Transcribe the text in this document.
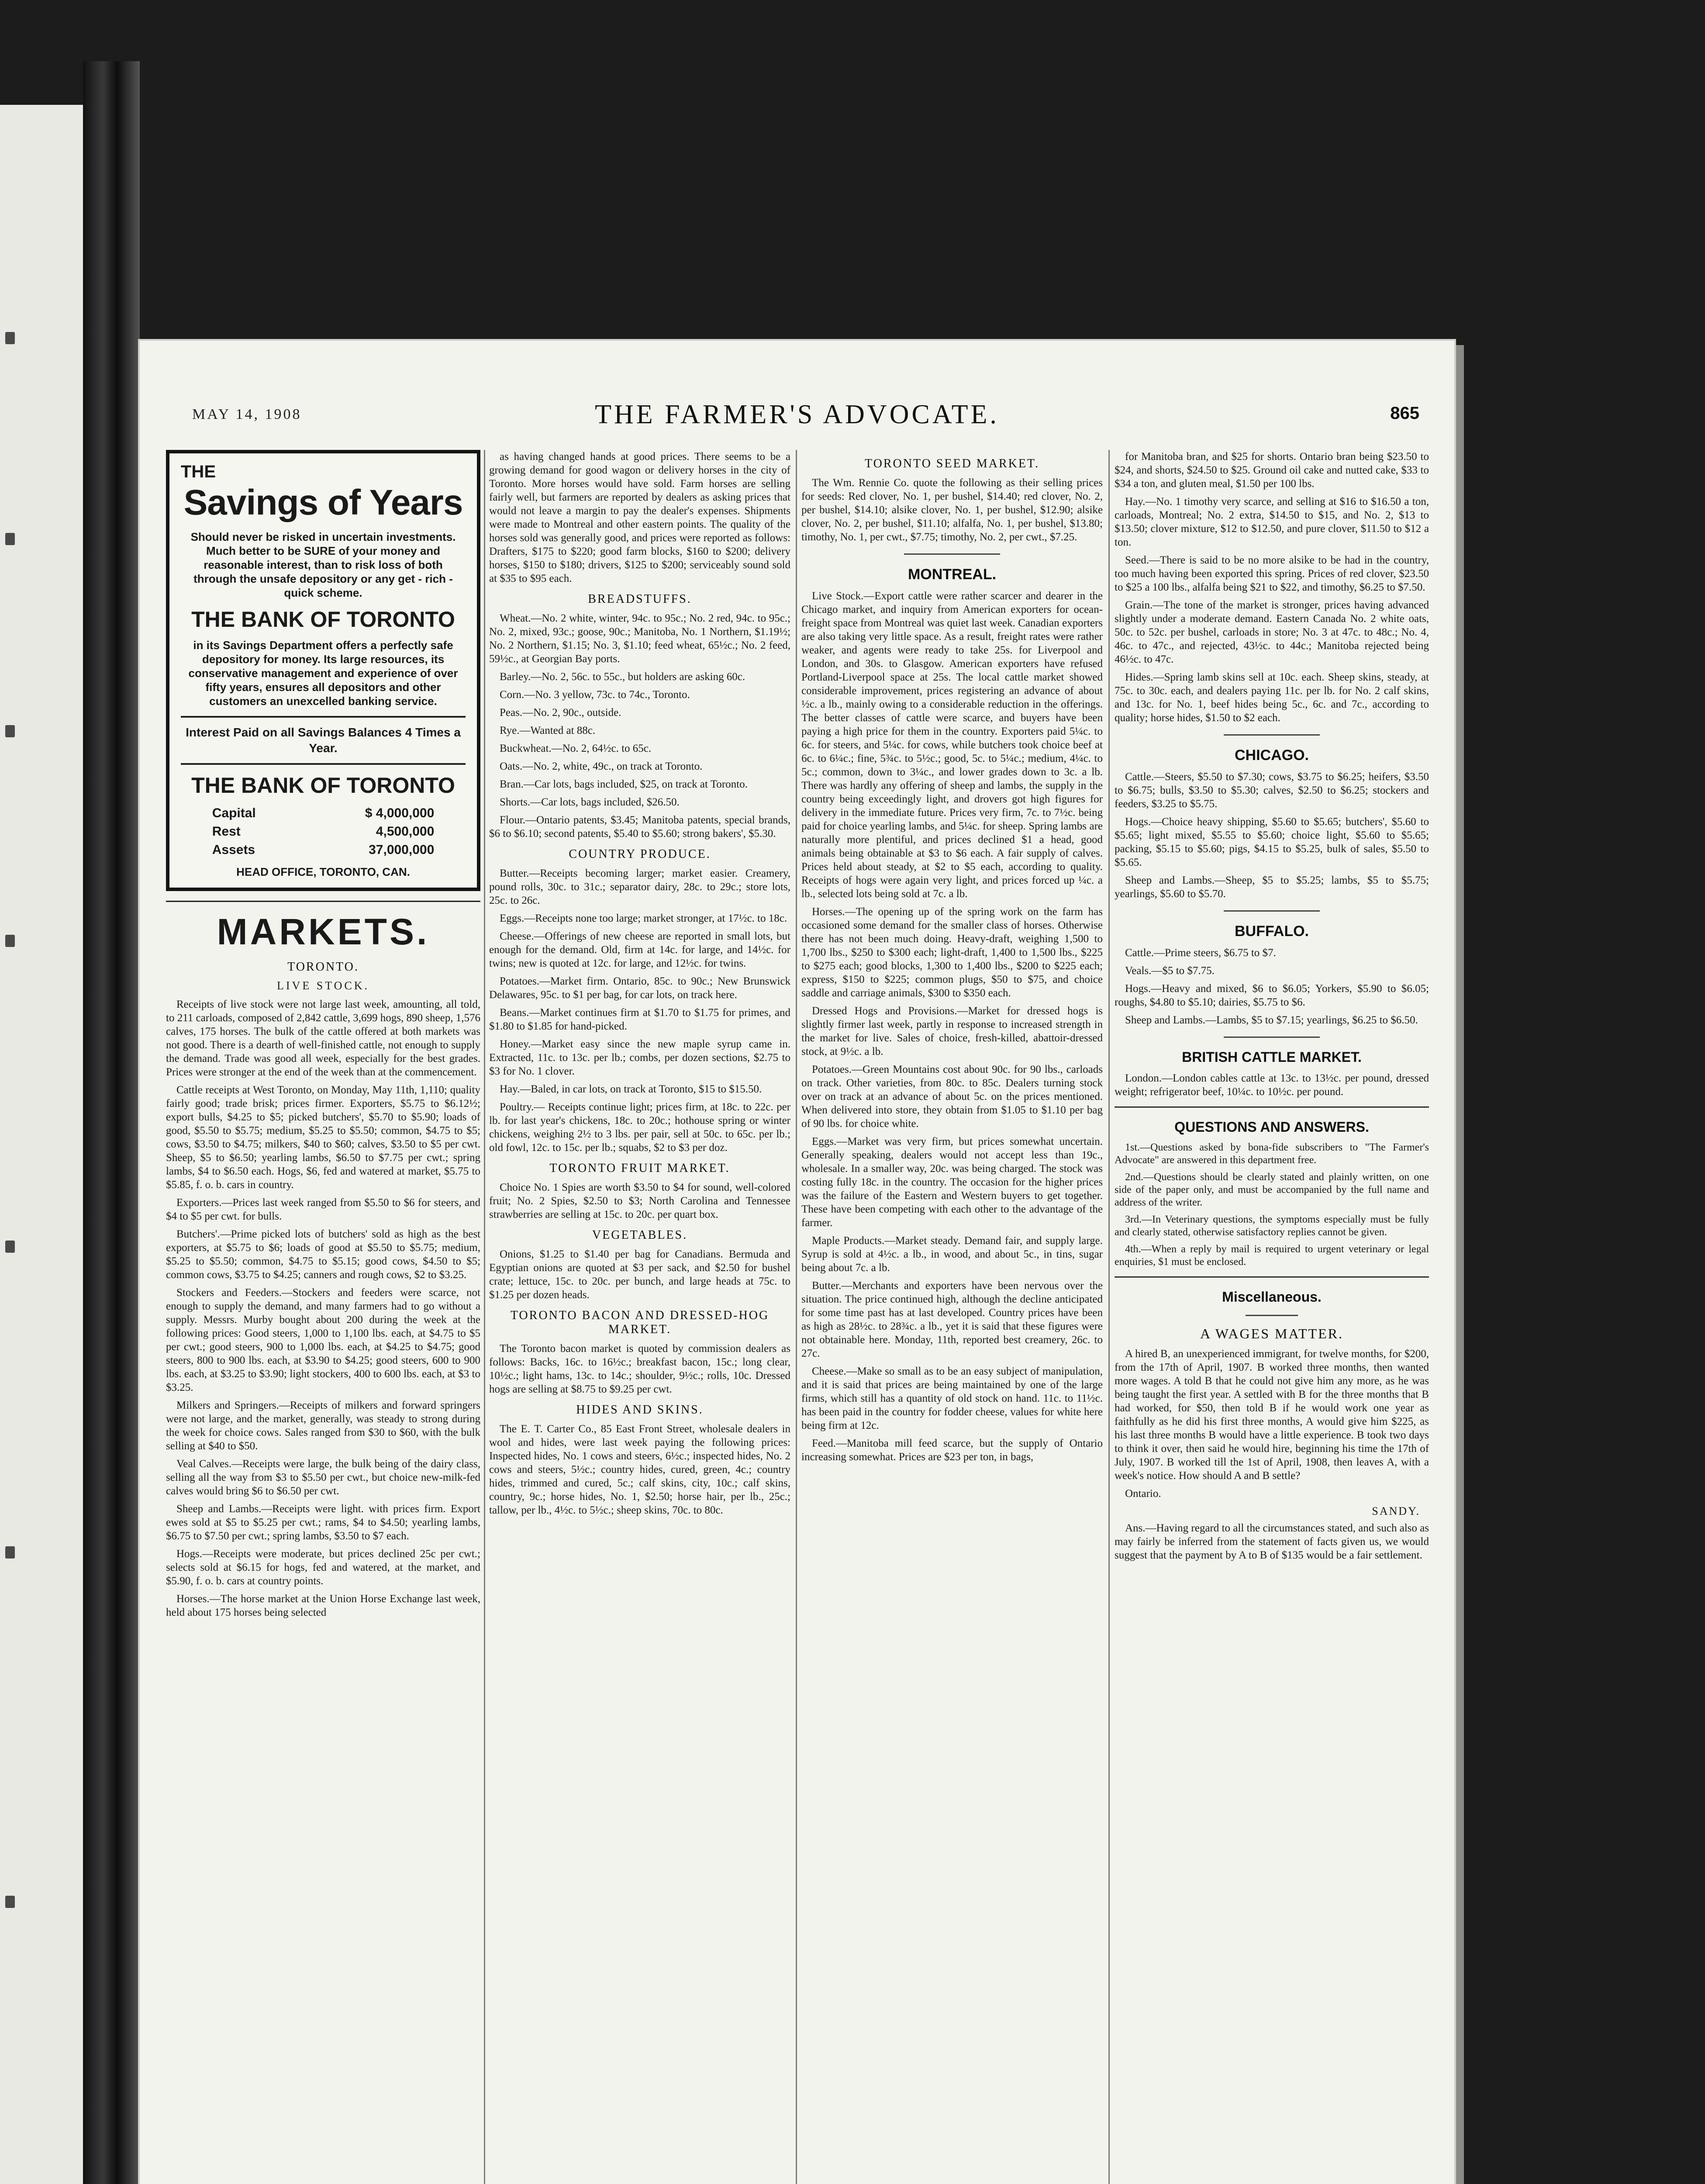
MAY 14, 1908	THE FARMER'S ADVOCATE.	865
THE
Savings of Years
Should never be risked in uncertain investments. Much better to be SURE of your money and reasonable interest, than to risk loss of both through the unsafe depository or any get - rich - quick scheme.
THE BANK OF TORONTO
in its Savings Department offers a perfectly safe depository for money. Its large resources, its conservative management and experience of over fifty years, ensures all depositors and other customers an unexcelled banking service.
Interest Paid on all Savings Balances 4 Times a Year.
THE BANK OF TORONTO
Capital	$ 4,000,000
Rest	4,500,000
Assets	37,000,000
HEAD OFFICE, TORONTO, CAN.
MARKETS.
TORONTO.
LIVE STOCK.

Receipts of live stock were not large last week, amounting, all told, to 211 carloads, composed of 2,842 cattle, 3,699 hogs, 890 sheep, 1,576 calves, 175 horses. The bulk of the cattle offered at both markets was not good. There is a dearth of well-finished cattle, not enough to supply the demand. Trade was good all week, especially for the best grades. Prices were stronger at the end of the week than at the commencement.

Cattle receipts at West Toronto, on Monday, May 11th, 1,110; quality fairly good; trade brisk; prices firmer. Exporters, $5.75 to $6.12½; export bulls, $4.25 to $5; picked butchers', $5.70 to $5.90; loads of good, $5.50 to $5.75; medium, $5.25 to $5.50; common, $4.75 to $5; cows, $3.50 to $4.75; milkers, $40 to $60; calves, $3.50 to $5 per cwt. Sheep, $5 to $6.50; yearling lambs, $6.50 to $7.75 per cwt.; spring lambs, $4 to $6.50 each. Hogs, $6, fed and watered at market, $5.75 to $5.85, f. o. b. cars in country.

Exporters.—Prices last week ranged from $5.50 to $6 for steers, and $4 to $5 per cwt. for bulls.

Butchers'.—Prime picked lots of butchers' sold as high as the best exporters, at $5.75 to $6; loads of good at $5.50 to $5.75; medium, $5.25 to $5.50; common, $4.75 to $5.15; good cows, $4.50 to $5; common cows, $3.75 to $4.25; canners and rough cows, $2 to $3.25.

Stockers and Feeders.—Stockers and feeders were scarce, not enough to supply the demand, and many farmers had to go without a supply. Messrs. Murby bought about 200 during the week at the following prices: Good steers, 1,000 to 1,100 lbs. each, at $4.75 to $5 per cwt.; good steers, 900 to 1,000 lbs. each, at $4.25 to $4.75; good steers, 800 to 900 lbs. each, at $3.90 to $4.25; good steers, 600 to 900 lbs. each, at $3.25 to $3.90; light stockers, 400 to 600 lbs. each, at $3 to $3.25.

Milkers and Springers.—Receipts of milkers and forward springers were not large, and the market, generally, was steady to strong during the week for choice cows. Sales ranged from $30 to $60, with the bulk selling at $40 to $50.

Veal Calves.—Receipts were large, the bulk being of the dairy class, selling all the way from $3 to $5.50 per cwt., but choice new-milk-fed calves would bring $6 to $6.50 per cwt.

Sheep and Lambs.—Receipts were light. with prices firm. Export ewes sold at $5 to $5.25 per cwt.; rams, $4 to $4.50; yearling lambs, $6.75 to $7.50 per cwt.; spring lambs, $3.50 to $7 each.

Hogs.—Receipts were moderate, but prices declined 25c per cwt.; selects sold at $6.15 for hogs, fed and watered, at the market, and $5.90, f. o. b. cars at country points.

Horses.—The horse market at the Union Horse Exchange last week, held about 175 horses being selected

as having changed hands at good prices. There seems to be a growing demand for good wagon or delivery horses in the city of Toronto. More horses would have sold. Farm horses are selling fairly well, but farmers are reported by dealers as asking prices that would not leave a margin to pay the dealer's expenses. Shipments were made to Montreal and other eastern points. The quality of the horses sold was generally good, and prices were reported as follows: Drafters, $175 to $220; good farm blocks, $160 to $200; delivery horses, $150 to $180; drivers, $125 to $200; serviceably sound sold at $35 to $95 each.

BREADSTUFFS.

Wheat.—No. 2 white, winter, 94c. to 95c.; No. 2 red, 94c. to 95c.; No. 2, mixed, 93c.; goose, 90c.; Manitoba, No. 1 Northern, $1.19½; No. 2 Northern, $1.15; No. 3, $1.10; feed wheat, 65½c.; No. 2 feed, 59½c., at Georgian Bay ports.

Barley.—No. 2, 56c. to 55c., but holders are asking 60c.

Corn.—No. 3 yellow, 73c. to 74c., Toronto.

Peas.—No. 2, 90c., outside.

Rye.—Wanted at 88c.

Buckwheat.—No. 2, 64½c. to 65c.

Oats.—No. 2, white, 49c., on track at Toronto.

Bran.—Car lots, bags included, $25, on track at Toronto.

Shorts.—Car lots, bags included, $26.50.

Flour.—Ontario patents, $3.45; Manitoba patents, special brands, $6 to $6.10; second patents, $5.40 to $5.60; strong bakers', $5.30.

COUNTRY PRODUCE.

Butter.—Receipts becoming larger; market easier. Creamery, pound rolls, 30c. to 31c.; separator dairy, 28c. to 29c.; store lots, 25c. to 26c.

Eggs.—Receipts none too large; market stronger, at 17½c. to 18c.

Cheese.—Offerings of new cheese are reported in small lots, but enough for the demand. Old, firm at 14c. for large, and 14½c. for twins; new is quoted at 12c. for large, and 12½c. for twins.

Potatoes.—Market firm. Ontario, 85c. to 90c.; New Brunswick Delawares, 95c. to $1 per bag, for car lots, on track here.

Beans.—Market continues firm at $1.70 to $1.75 for primes, and $1.80 to $1.85 for hand-picked.

Honey.—Market easy since the new maple syrup came in. Extracted, 11c. to 13c. per lb.; combs, per dozen sections, $2.75 to $3 for No. 1 clover.

Hay.—Baled, in car lots, on track at Toronto, $15 to $15.50.

Poultry.— Receipts continue light; prices firm, at 18c. to 22c. per lb. for last year's chickens, 18c. to 20c.; hothouse spring or winter chickens, weighing 2½ to 3 lbs. per pair, sell at 50c. to 65c. per lb.; old fowl, 12c. to 15c. per lb.; squabs, $2 to $3 per doz.

TORONTO FRUIT MARKET.

Choice No. 1 Spies are worth $3.50 to $4 for sound, well-colored fruit; No. 2 Spies, $2.50 to $3; North Carolina and Tennessee strawberries are selling at 15c. to 20c. per quart box.

VEGETABLES.

Onions, $1.25 to $1.40 per bag for Canadians. Bermuda and Egyptian onions are quoted at $3 per sack, and $2.50 for bushel crate; lettuce, 15c. to 20c. per bunch, and large heads at 75c. to $1.25 per dozen heads.

TORONTO BACON AND DRESSED-HOG MARKET.

The Toronto bacon market is quoted by commission dealers as follows: Backs, 16c. to 16½c.; breakfast bacon, 15c.; long clear, 10½c.; light hams, 13c. to 14c.; shoulder, 9½c.; rolls, 10c. Dressed hogs are selling at $8.75 to $9.25 per cwt.

HIDES AND SKINS.

The E. T. Carter Co., 85 East Front Street, wholesale dealers in wool and hides, were last week paying the following prices: Inspected hides, No. 1 cows and steers, 6½c.; inspected hides, No. 2 cows and steers, 5½c.; country hides, cured, green, 4c.; country hides, trimmed and cured, 5c.; calf skins, city, 10c.; calf skins, country, 9c.; horse hides, No. 1, $2.50; horse hair, per lb., 25c.; tallow, per lb., 4½c. to 5½c.; sheep skins, 70c. to 80c.

TORONTO SEED MARKET.

The Wm. Rennie Co. quote the following as their selling prices for seeds: Red clover, No. 1, per bushel, $14.40; red clover, No. 2, per bushel, $14.10; alsike clover, No. 1, per bushel, $12.90; alsike clover, No. 2, per bushel, $11.10; alfalfa, No. 1, per bushel, $13.80; timothy, No. 1, per cwt., $7.75; timothy, No. 2, per cwt., $7.25.

MONTREAL.

Live Stock.—Export cattle were rather scarcer and dearer in the Chicago market, and inquiry from American exporters for ocean-freight space from Montreal was quiet last week. Canadian exporters are also taking very little space. As a result, freight rates were rather weaker, and agents were ready to take 25s. for Liverpool and London, and 30s. to Glasgow. American exporters have refused Portland-Liverpool space at 25s. The local cattle market showed considerable improvement, prices registering an advance of about ½c. a lb., mainly owing to a considerable reduction in the offerings. The better classes of cattle were scarce, and buyers have been paying a high price for them in the country. Exporters paid 5¼c. to 6c. for steers, and 5¼c. for cows, while butchers took choice beef at 6c. to 6¼c.; fine, 5¾c. to 5½c.; good, 5c. to 5¼c.; medium, 4¼c. to 5c.; common, down to 3¼c., and lower grades down to 3c. a lb. There was hardly any offering of sheep and lambs, the supply in the country being exceedingly light, and drovers got high figures for delivery in the immediate future. Prices very firm, 7c. to 7½c. being paid for choice yearling lambs, and 5¼c. for sheep. Spring lambs are naturally more plentiful, and prices declined $1 a head, good animals being obtainable at $3 to $6 each. A fair supply of calves. Prices held about steady, at $2 to $5 each, according to quality. Receipts of hogs were again very light, and prices forced up ¼c. a lb., selected lots being sold at 7c. a lb.

Horses.—The opening up of the spring work on the farm has occasioned some demand for the smaller class of horses. Otherwise there has not been much doing. Heavy-draft, weighing 1,500 to 1,700 lbs., $250 to $300 each; light-draft, 1,400 to 1,500 lbs., $225 to $275 each; good blocks, 1,300 to 1,400 lbs., $200 to $225 each; express, $150 to $225; common plugs, $50 to $75, and choice saddle and carriage animals, $300 to $350 each.

Dressed Hogs and Provisions.—Market for dressed hogs is slightly firmer last week, partly in response to increased strength in the market for live. Sales of choice, fresh-killed, abattoir-dressed stock, at 9½c. a lb.

Potatoes.—Green Mountains cost about 90c. for 90 lbs., carloads on track. Other varieties, from 80c. to 85c. Dealers turning stock over on track at an advance of about 5c. on the prices mentioned. When delivered into store, they obtain from $1.05 to $1.10 per bag of 90 lbs. for choice white.

Eggs.—Market was very firm, but prices somewhat uncertain. Generally speaking, dealers would not accept less than 19c., wholesale. In a smaller way, 20c. was being charged. The stock was costing fully 18c. in the country. The occasion for the higher prices was the failure of the Eastern and Western buyers to get together. These have been competing with each other to the advantage of the farmer.

Maple Products.—Market steady. Demand fair, and supply large. Syrup is sold at 4½c. a lb., in wood, and about 5c., in tins, sugar being about 7c. a lb.

Butter.—Merchants and exporters have been nervous over the situation. The price continued high, although the decline anticipated for some time past has at last developed. Country prices have been as high as 28½c. to 28¾c. a lb., yet it is said that these figures were not obtainable here. Monday, 11th, reported best creamery, 26c. to 27c.

Cheese.—Make so small as to be an easy subject of manipulation, and it is said that prices are being maintained by one of the large firms, which still has a quantity of old stock on hand. 11c. to 11½c. has been paid in the country for fodder cheese, values for white here being firm at 12c.

Feed.—Manitoba mill feed scarce, but the supply of Ontario increasing somewhat. Prices are $23 per ton, in bags,

for Manitoba bran, and $25 for shorts. Ontario bran being $23.50 to $24, and shorts, $24.50 to $25. Ground oil cake and nutted cake, $33 to $34 a ton, and gluten meal, $1.50 per 100 lbs.

Hay.—No. 1 timothy very scarce, and selling at $16 to $16.50 a ton, carloads, Montreal; No. 2 extra, $14.50 to $15, and No. 2, $13 to $13.50; clover mixture, $12 to $12.50, and pure clover, $11.50 to $12 a ton.

Seed.—There is said to be no more alsike to be had in the country, too much having been exported this spring. Prices of red clover, $23.50 to $25 a 100 lbs., alfalfa being $21 to $22, and timothy, $6.25 to $7.50.

Grain.—The tone of the market is stronger, prices having advanced slightly under a moderate demand. Eastern Canada No. 2 white oats, 50c. to 52c. per bushel, carloads in store; No. 3 at 47c. to 48c.; No. 4, 46c. to 47c., and rejected, 43½c. to 44c.; Manitoba rejected being 46½c. to 47c.

Hides.—Spring lamb skins sell at 10c. each. Sheep skins, steady, at 75c. to 30c. each, and dealers paying 11c. per lb. for No. 2 calf skins, and 13c. for No. 1, beef hides being 5c., 6c. and 7c., according to quality; horse hides, $1.50 to $2 each.

CHICAGO.

Cattle.—Steers, $5.50 to $7.30; cows, $3.75 to $6.25; heifers, $3.50 to $6.75; bulls, $3.50 to $5.30; calves, $2.50 to $6.25; stockers and feeders, $3.25 to $5.75.

Hogs.—Choice heavy shipping, $5.60 to $5.65; butchers', $5.60 to $5.65; light mixed, $5.55 to $5.60; choice light, $5.60 to $5.65; packing, $5.15 to $5.60; pigs, $4.15 to $5.25, bulk of sales, $5.50 to $5.65.

Sheep and Lambs.—Sheep, $5 to $5.25; lambs, $5 to $5.75; yearlings, $5.60 to $5.70.

BUFFALO.

Cattle.—Prime steers, $6.75 to $7.

Veals.—$5 to $7.75.

Hogs.—Heavy and mixed, $6 to $6.05; Yorkers, $5.90 to $6.05; roughs, $4.80 to $5.10; dairies, $5.75 to $6.

Sheep and Lambs.—Lambs, $5 to $7.15; yearlings, $6.25 to $6.50.

BRITISH CATTLE MARKET.

London.—London cables cattle at 13c. to 13½c. per pound, dressed weight; refrigerator beef, 10¼c. to 10½c. per pound.

QUESTIONS AND ANSWERS.

1st.—Questions asked by bona-fide subscribers to "The Farmer's Advocate" are answered in this department free.

2nd.—Questions should be clearly stated and plainly written, on one side of the paper only, and must be accompanied by the full name and address of the writer.

3rd.—In Veterinary questions, the symptoms especially must be fully and clearly stated, otherwise satisfactory replies cannot be given.

4th.—When a reply by mail is required to urgent veterinary or legal enquiries, $1 must be enclosed.

Miscellaneous.
A WAGES MATTER.

A hired B, an unexperienced immigrant, for twelve months, for $200, from the 17th of April, 1907. B worked three months, then wanted more wages. A told B that he could not give him any more, as he was being taught the first year. A settled with B for the three months that B had worked, for $50, then told B if he would work one year as faithfully as he did his first three months, A would give him $225, as his last three months B would have a little experience. B took two days to think it over, then said he would hire, beginning his time the 17th of July, 1907. B worked till the 1st of April, 1908, then leaves A, with a week's notice. How should A and B settle?

Ontario.

SANDY.

Ans.—Having regard to all the circumstances stated, and such also as may fairly be inferred from the statement of facts given us, we would suggest that the payment by A to B of $135 would be a fair settlement.
